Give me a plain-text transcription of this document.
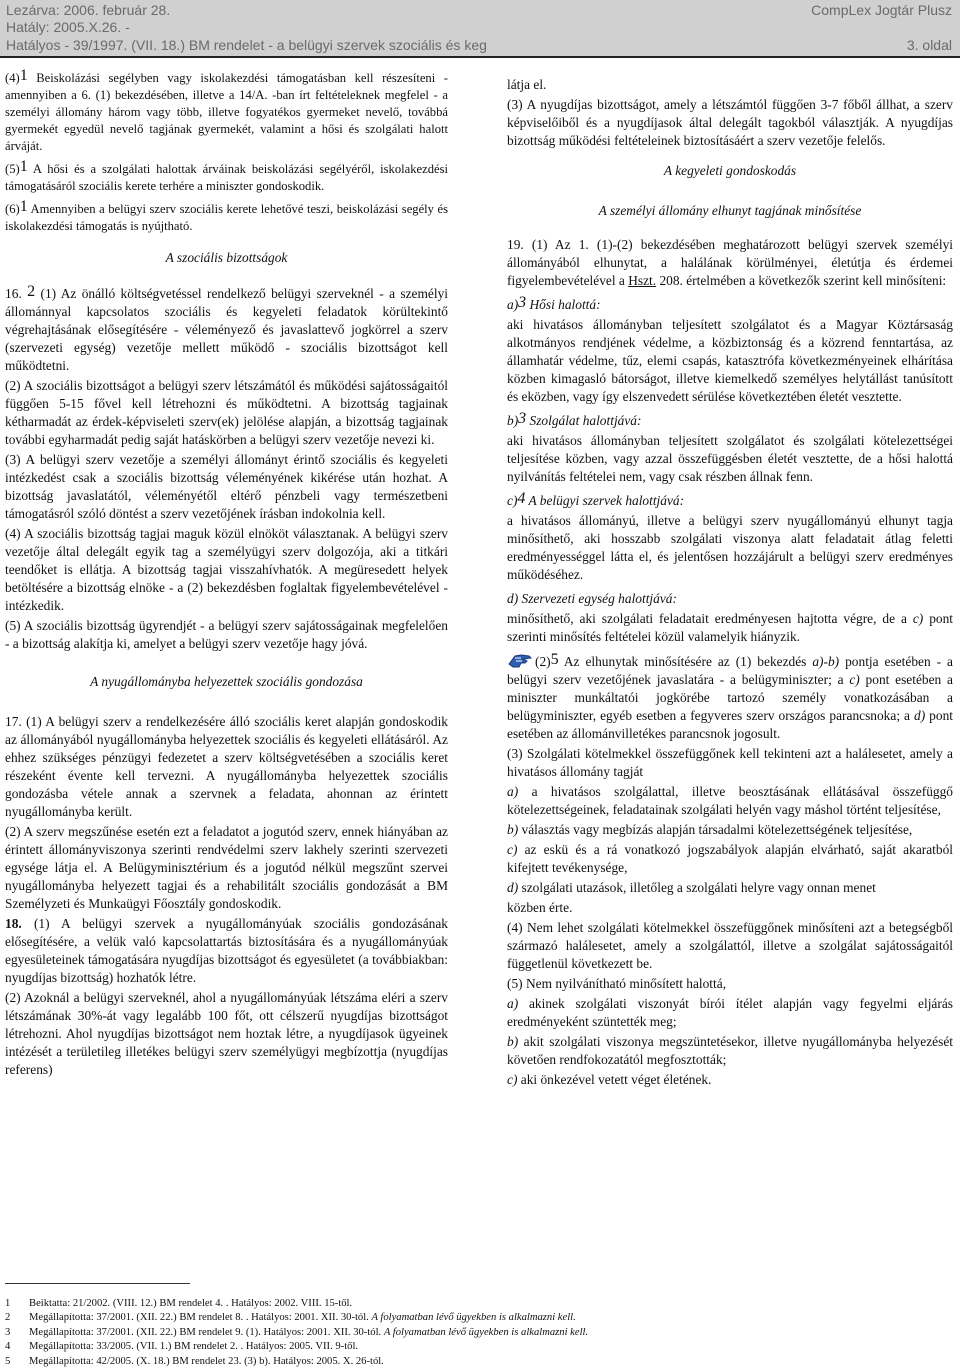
Lezárva: 2006. február 28.
Hatály: 2005.X.26. -
Hatályos - 39/1997. (VII. 18.) BM rendelet - a belügyi szervek szociális és keg
CompLex Jogtár Plusz
3. oldal

$(4)^1$ Beiskolázási segélyben vagy iskolakezdési támogatásban kell részesíteni - amennyiben a 6. (1) bekezdésében, illetve a 14/A. -ban írt feltételeknek megfelel - a személyi állomány három vagy több, illetve fogyatékos gyermeket nevelő, továbbá gyermekét egyedül nevelő tagjának gyermekét, valamint a hősi és szolgálati halott árváját.

$(5)^1$ A hősi és a szolgálati halottak árváinak beiskolázási segélyéről, iskolakezdési támogatásáról szociális kerete terhére a miniszter gondoskodik.

$(6)^1$ Amennyiben a belügyi szerv szociális kerete lehetővé teszi, beiskolázási segély és iskolakezdési támogatás is nyújtható.

A szociális bizottságok

16. $^2$ (1) Az önálló költségvetéssel rendelkező belügyi szerveknél - a személyi állománnyal kapcsolatos szociális és kegyeleti feladatok körültekintő végrehajtásának elősegítésére - véleményező és javaslattevő jogkörrel a szerv (szervezeti egység) vezetője mellett működő - szociális bizottságot kell működtetni.

(2) A szociális bizottságot a belügyi szerv létszámától és működési sajátosságaitól függően 5-15 fővel kell létrehozni és működtetni. A bizottság tagjainak kétharmadát az érdek-képviseleti szerv(ek) jelölése alapján, a bizottság tagjainak további egyharmadát pedig saját hatáskörben a belügyi szerv vezetője nevezi ki.

(3) A belügyi szerv vezetője a személyi állományt érintő szociális és kegyeleti intézkedést csak a szociális bizottság véleményének kikérése után hozhat. A bizottság javaslatától, véleményétől eltérő pénzbeli vagy természetbeni támogatásról szóló döntést a szerv vezetőjének írásban indokolnia kell.

(4) A szociális bizottság tagjai maguk közül elnököt választanak. A belügyi szerv vezetője által delegált egyik tag a személyügyi szerv dolgozója, aki a titkári teendőket is ellátja. A bizottság tagjai visszahívhatók. A megüresedett helyek betöltésére a bizottság elnöke - a (2) bekezdésben foglaltak figyelembevételével - intézkedik.

(5) A szociális bizottság ügyrendjét - a belügyi szerv sajátosságainak megfelelően - a bizottság alakítja ki, amelyet a belügyi szerv vezetője hagy jóvá.

A nyugállományba helyezettek szociális gondozása

17. (1) A belügyi szerv a rendelkezésére álló szociális keret alapján gondoskodik az állományából nyugállományba helyezettek szociális és kegyeleti ellátásáról. Az ehhez szükséges pénzügyi fedezetet a szerv költségvetésében a szociális keret részeként évente kell tervezni. A nyugállományba helyezettek szociális gondozásba vétele annak a szervnek a feladata, ahonnan az érintett nyugállományba került.

(2) A szerv megszűnése esetén ezt a feladatot a jogutód szerv, ennek hiányában az érintett állományviszonya szerinti rendvédelmi szerv lakhely szerinti szervezeti egysége látja el. A Belügyminisztérium és a jogutód nélkül megszűnt szervei nyugállományba helyezett tagjai és a rehabilitált szociális gondozását a BM Személyzeti és Munkaügyi Főosztály gondoskodik.

18. (1) A belügyi szervek a nyugállományúak szociális gondozásának elősegítésére, a velük való kapcsolattartás biztosítására és a nyugállományúak egyesületeinek támogatására nyugdíjas bizottságot és egyesületet (a továbbiakban: nyugdíjas bizottság) hozhatók létre.

(2) Azoknál a belügyi szerveknél, ahol a nyugállományúak létszáma eléri a szerv létszámának 30%-át vagy legalább 100 főt, ott célszerű nyugdíjas bizottságot létrehozni. Ahol nyugdíjas bizottságot nem hoztak létre, a nyugdíjasok ügyeinek intézését a területileg illetékes belügyi szerv személyügyi megbízottja (nyugdíjas referens)

látja el.

(3) A nyugdíjas bizottságot, amely a létszámtól függően 3-7 főből állhat, a szerv képviselőiből és a nyugdíjasok által delegált tagokból választják. A nyugdíjas bizottság működési feltételeinek biztosításáért a szerv vezetője felelős.

A kegyeleti gondoskodás

A személyi állomány elhunyt tagjának minősítése

19. (1) Az 1. (1)-(2) bekezdésében meghatározott belügyi szervek személyi állományából elhunytat, a halálának körülményei, életútja és érdemei figyelembevételével a Hszt. 208. értelmében a következők szerint kell minősíteni:

a)$^3$ Hősi halottá:

aki hivatásos állományban teljesített szolgálatot és a Magyar Köztársaság alkotmányos rendjének védelme, a közbiztonság és a közrend fenntartása, az államhatár védelme, tűz, elemi csapás, katasztrófa következményeinek elhárítása közben kimagasló bátorságot, illetve kiemelkedő személyes helytállást tanúsított és eközben, vagy így elszenvedett sérülése következtében életét vesztette.

b)$^3$ Szolgálat halottjává:

aki hivatásos állományban teljesített szolgálatot és szolgálati kötelezettségei teljesítése közben, vagy azzal összefüggésben életét vesztette, de a hősi halottá nyilvánítás feltételei nem, vagy csak részben állnak fenn.

c)$^4$ A belügyi szervek halottjává:

a hivatásos állományú, illetve a belügyi szerv nyugállományú elhunyt tagja minősíthető, aki hosszabb szolgálati viszonya alatt feladatait átlag feletti eredményességgel látta el, és jelentősen hozzájárult a belügyi szerv eredményes működéséhez.

d) Szervezeti egység halottjává:

minősíthető, aki szolgálati feladatait eredményesen hajtotta végre, de a c) pont szerinti minősítés feltételei közül valamelyik hiányzik.

$(2)^5$ Az elhunytak minősítésére az (1) bekezdés a)-b) pontja esetében - a belügyi szerv vezetőjének javaslatára - a belügyminiszter; a c) pont esetében a miniszter munkáltatói jogkörébe tartozó személy vonatkozásában a belügyminiszter, egyéb esetben a fegyveres szerv országos parancsnoka; a d) pont esetében az állománvilletékes parancsnok jogosult.

(3) Szolgálati kötelmekkel összefüggőnek kell tekinteni azt a halálesetet, amely a hivatásos állomány tagját

a) a hivatásos szolgálattal, illetve beosztásának ellátásával összefüggő kötelezettségeinek, feladatainak szolgálati helyén vagy máshol történt teljesítése,

b) választás vagy megbízás alapján társadalmi kötelezettségének teljesítése,

c) az eskü és a rá vonatkozó jogszabályok alapján elvárható, saját akaratból kifejtett tevékenysége,

d) szolgálati utazások, illetőleg a szolgálati helyre vagy onnan menet

közben érte.

(4) Nem lehet szolgálati kötelmekkel összefüggőnek minősíteni azt a betegségből származó halálesetet, amely a szolgálattól, illetve a szolgálat sajátosságaitól függetlenül következett be.

(5) Nem nyilvánítható minősített halottá,

a) akinek szolgálati viszonyát bírói ítélet alapján vagy fegyelmi eljárás eredményeként szüntették meg;

b) akit szolgálati viszonya megszüntetésekor, illetve nyugállományba helyezését követően rendfokozatától megfosztották;

c) aki önkezével vetett véget életének.

1 Beiktatta: 21/2002. (VIII. 12.) BM rendelet 4. . Hatályos: 2002. VIII. 15-től.
2 Megállapította: 37/2001. (XII. 22.) BM rendelet 8. . Hatályos: 2001. XII. 30-tól. A folyamatban lévő ügyekben is alkalmazni kell.
3 Megállapította: 37/2001. (XII. 22.) BM rendelet 9. (1). Hatályos: 2001. XII. 30-tól. A folyamatban lévő ügyekben is alkalmazni kell.
4 Megállapította: 33/2005. (VII. 1.) BM rendelet 2. . Hatályos: 2005. VII. 9-től.
5 Megállapította: 42/2005. (X. 18.) BM rendelet 23. (3) b). Hatályos: 2005. X. 26-tól.
